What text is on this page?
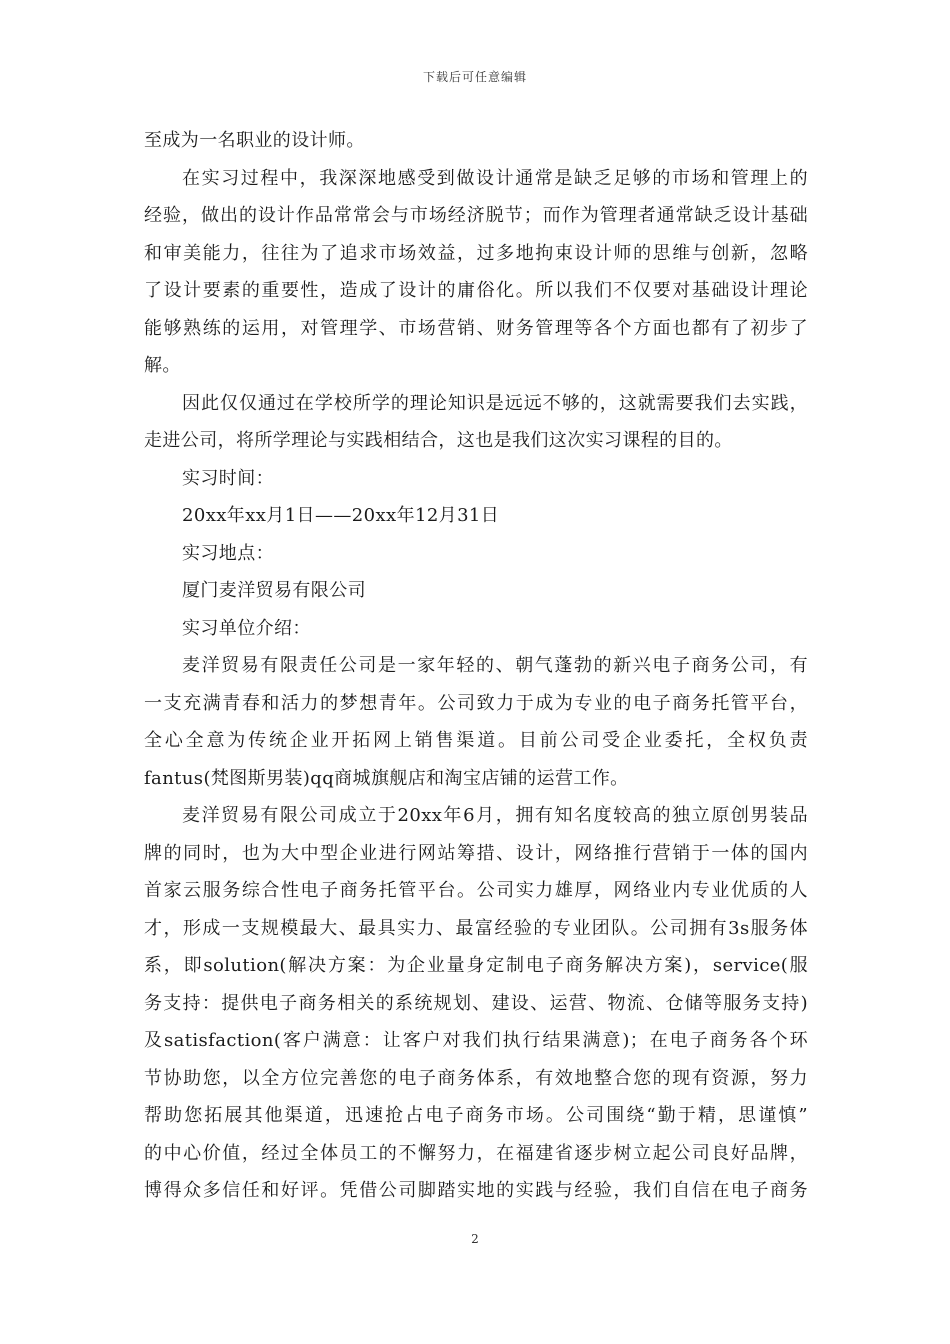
下载后可任意编辑
至成为一名职业的设计师。
在实习过程中，我深深地感受到做设计通常是缺乏足够的市场和管理上的
经验，做出的设计作品常常会与市场经济脱节；而作为管理者通常缺乏设计基础
和审美能力，往往为了追求市场效益，过多地拘束设计师的思维与创新，忽略
了设计要素的重要性，造成了设计的庸俗化。所以我们不仅要对基础设计理论
能够熟练的运用，对管理学、市场营销、财务管理等各个方面也都有了初步了
解。
因此仅仅通过在学校所学的理论知识是远远不够的，这就需要我们去实践，
走进公司，将所学理论与实践相结合，这也是我们这次实习课程的目的。
实习时间：
20xx年xx月1日——20xx年12月31日
实习地点：
厦门麦洋贸易有限公司
实习单位介绍：
麦洋贸易有限责任公司是一家年轻的、朝气蓬勃的新兴电子商务公司，有
一支充满青春和活力的梦想青年。公司致力于成为专业的电子商务托管平台，
全心全意为传统企业开拓网上销售渠道。目前公司受企业委托，全权负责
fantus(梵图斯男装)qq商城旗舰店和淘宝店铺的运营工作。
麦洋贸易有限公司成立于20xx年6月，拥有知名度较高的独立原创男装品
牌的同时，也为大中型企业进行网站筹措、设计，网络推行营销于一体的国内
首家云服务综合性电子商务托管平台。公司实力雄厚，网络业内专业优质的人
才，形成一支规模最大、最具实力、最富经验的专业团队。公司拥有3s服务体
系，即solution(解决方案：为企业量身定制电子商务解决方案)，service(服
务支持：提供电子商务相关的系统规划、建设、运营、物流、仓储等服务支持)
及satisfaction(客户满意：让客户对我们执行结果满意)；在电子商务各个环
节协助您，以全方位完善您的电子商务体系，有效地整合您的现有资源，努力
帮助您拓展其他渠道，迅速抢占电子商务市场。公司围绕“勤于精，思谨慎”
的中心价值，经过全体员工的不懈努力，在福建省逐步树立起公司良好品牌，
博得众多信任和好评。凭借公司脚踏实地的实践与经验，我们自信在电子商务
2
